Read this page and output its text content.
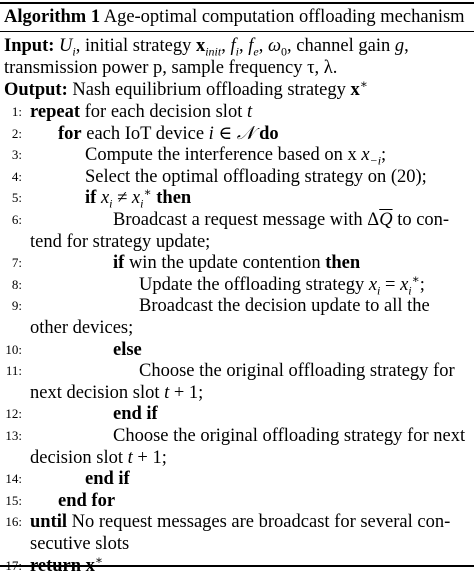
Algorithm 1 Age-optimal computation offloading mechanism
Input: $U_i$, initial strategy $x_{init}$, $f_i$, $f_e$, $\omega_0$, channel gain g,
transmission power p, sample frequency τ, λ.
Output: Nash equilibrium offloading strategy x∗
1: repeat for each decision slot t
2: for each IoT device i ∈ 𝒩 do
3:	Compute the interference based on x $x_{-i}$;
4:	Select the optimal offloading strategy on (20);
5:	if $x_i \ne x_i^∗$ then
6:	Broadcast a request message with $\Delta\overline{Q}$ to con-
tend for strategy update;
7:	if win the update contention then
8:	Update the offloading strategy $x_i = x_i^∗$;
9:	Broadcast the decision update to all the
other devices;
10:	else
11:	Choose the original offloading strategy for
next decision slot t + 1;
12:	end if
13:	Choose the original offloading strategy for next
decision slot t + 1;
14:	end if
15: end for
16: until No request messages are broadcast for several con-
secutive slots
17: return x∗
